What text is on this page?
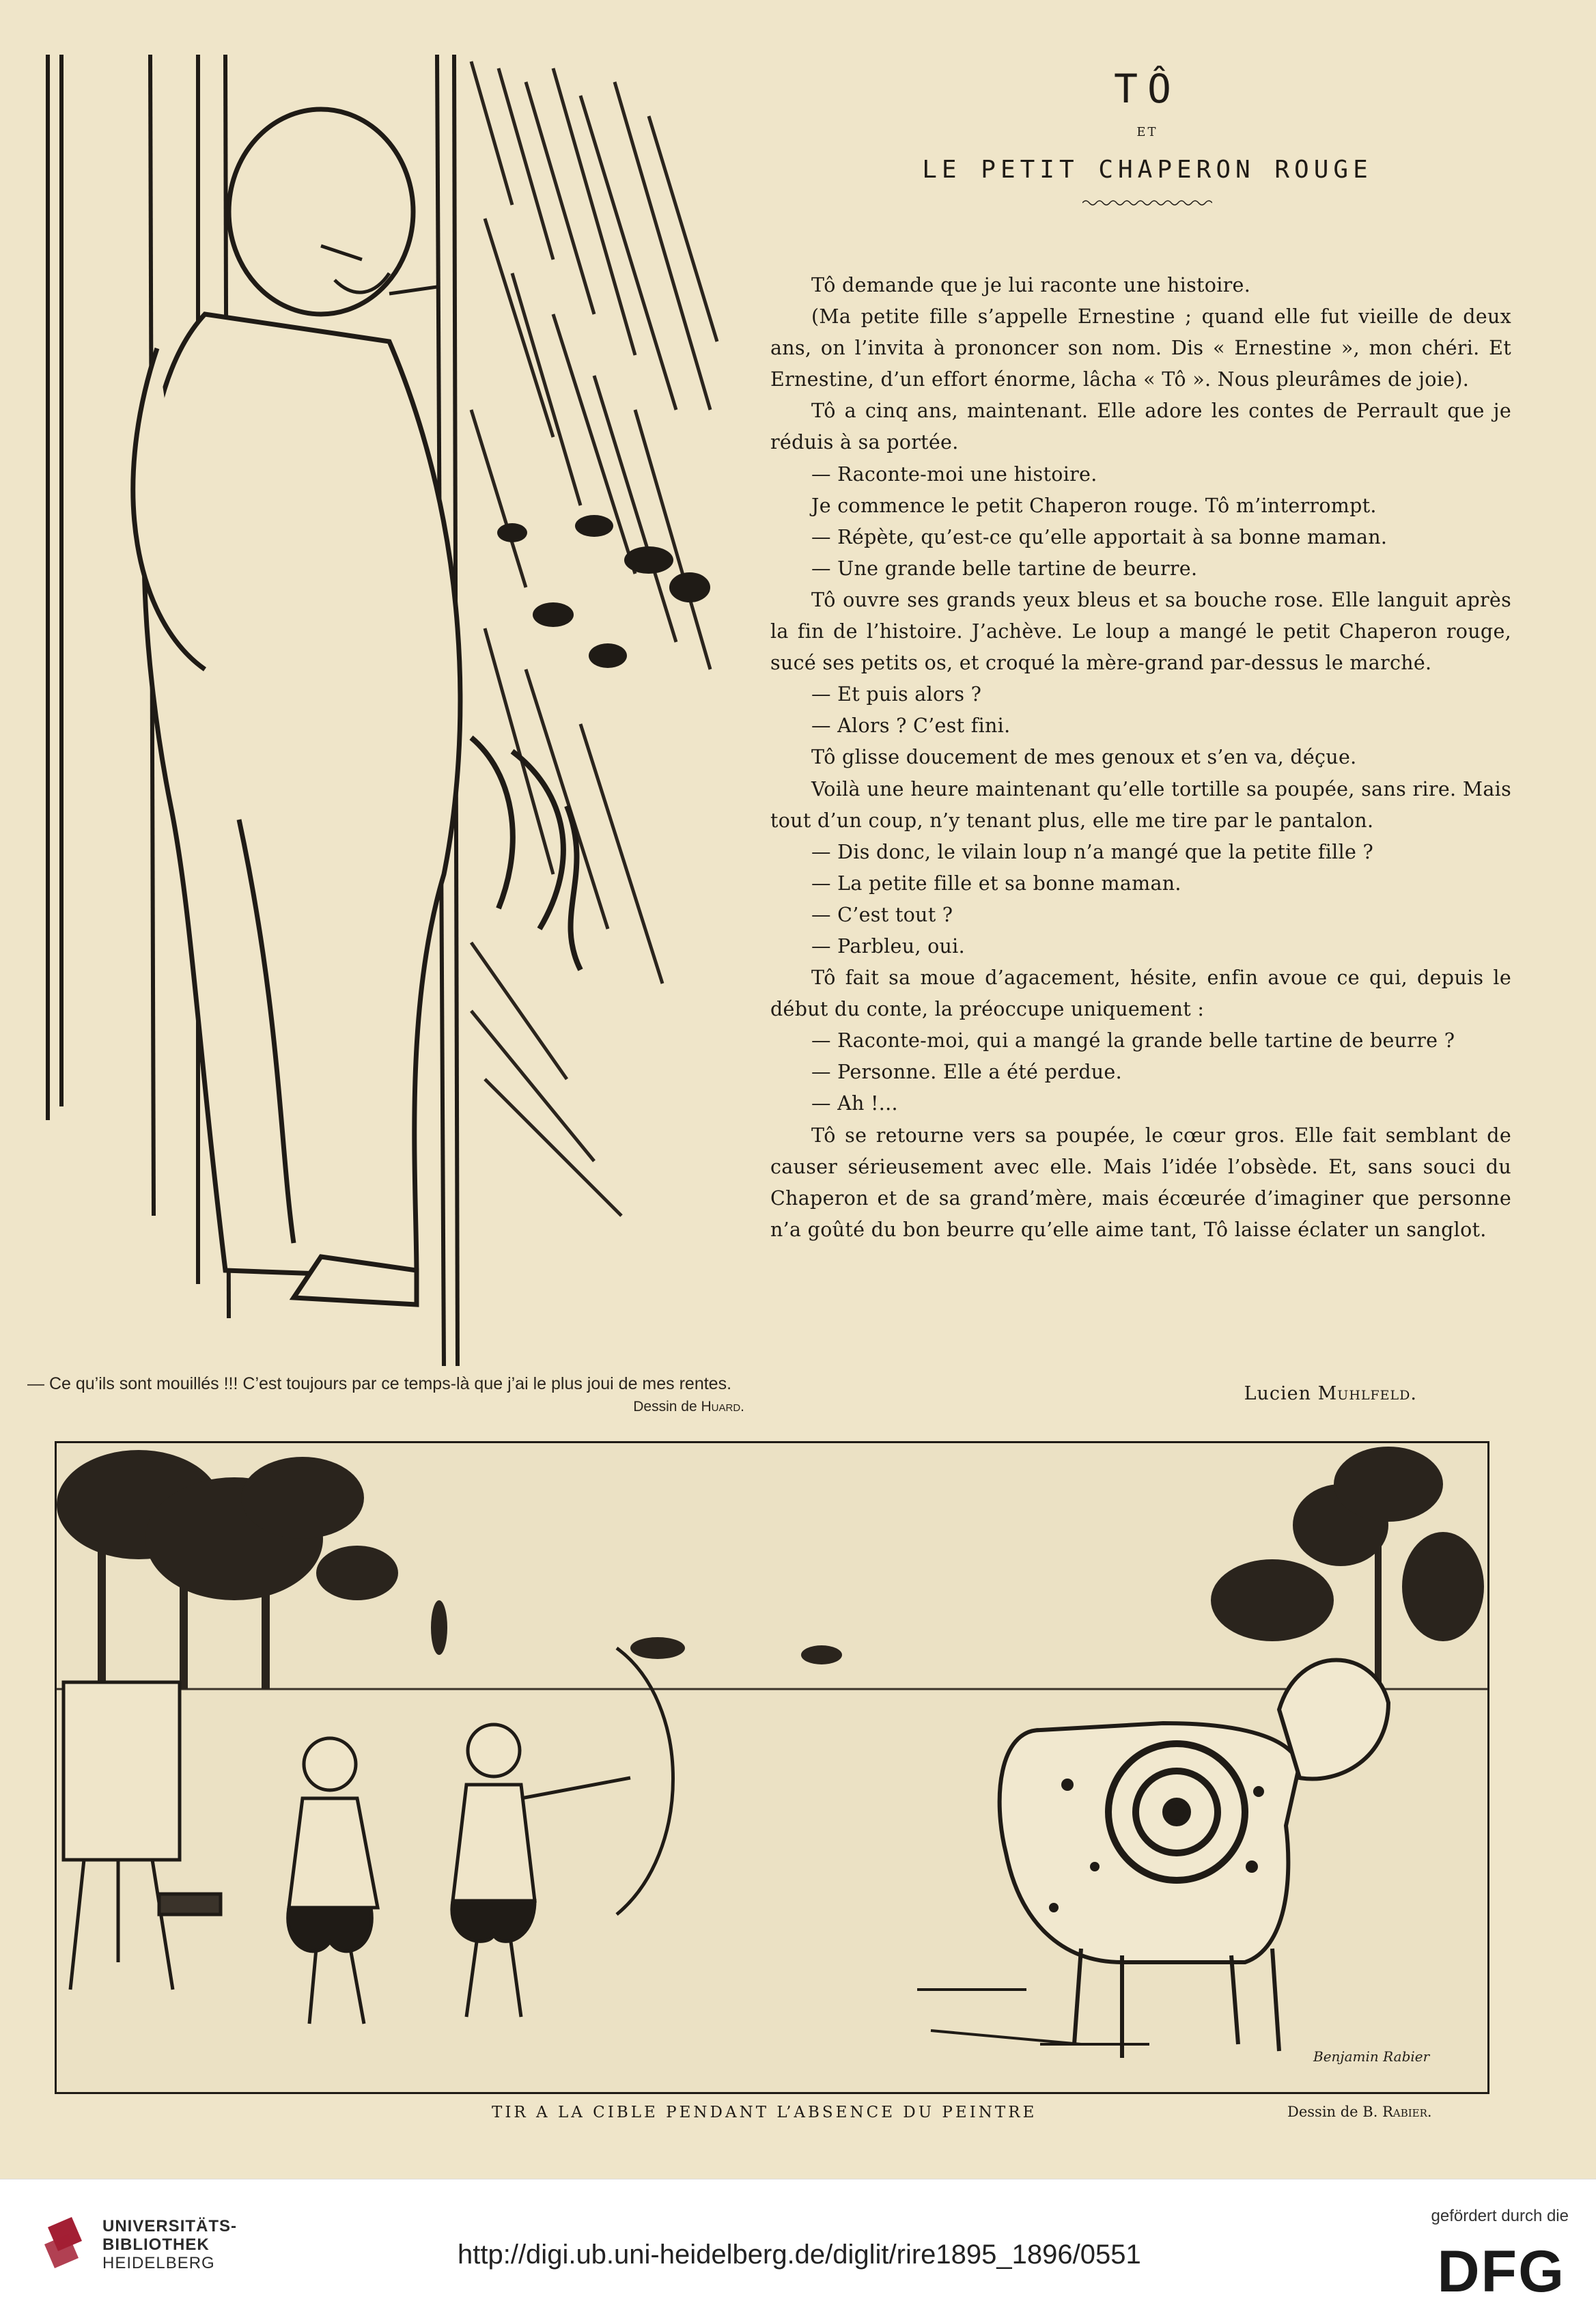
— Ce qu’ils sont mouillés !!! C’est toujours par ce temps-là que j’ai le plus joui de mes rentes.
Dessin de Huard.
TÔ
ET
LE PETIT CHAPERON ROUGE

Tô demande que je lui raconte une histoire.

(Ma petite fille s’appelle Ernestine ; quand elle fut vieille de deux ans, on l’invita à prononcer son nom. Dis « Ernestine », mon chéri. Et Ernestine, d’un effort énorme, lâcha « Tô ». Nous pleurâmes de joie).

Tô a cinq ans, maintenant. Elle adore les contes de Perrault que je réduis à sa portée.

— Raconte-moi une histoire.

Je commence le petit Chaperon rouge. Tô m’interrompt.

— Répète, qu’est-ce qu’elle apportait à sa bonne maman.

— Une grande belle tartine de beurre.

Tô ouvre ses grands yeux bleus et sa bouche rose. Elle languit après la fin de l’histoire. J’achève. Le loup a mangé le petit Chaperon rouge, sucé ses petits os, et croqué la mère-grand par-dessus le marché.

— Et puis alors ?

— Alors ? C’est fini.

Tô glisse doucement de mes genoux et s’en va, déçue.

Voilà une heure maintenant qu’elle tortille sa poupée, sans rire. Mais tout d’un coup, n’y tenant plus, elle me tire par le pantalon.

— Dis donc, le vilain loup n’a mangé que la petite fille ?

— La petite fille et sa bonne maman.

— C’est tout ?

— Parbleu, oui.

Tô fait sa moue d’agacement, hésite, enfin avoue ce qui, depuis le début du conte, la préoccupe uniquement :

— Raconte-moi, qui a mangé la grande belle tartine de beurre ?

— Personne. Elle a été perdue.

— Ah !...

Tô se retourne vers sa poupée, le cœur gros. Elle fait semblant de causer sérieusement avec elle. Mais l’idée l’obsède. Et, sans souci du Chaperon et de sa grand’mère, mais écœurée d’imaginer que personne n’a goûté du bon beurre qu’elle aime tant, Tô laisse éclater un sanglot.

Lucien Muhlfeld.
Benjamin Rabier
TIR A LA CIBLE PENDANT L’ABSENCE DU PEINTRE	Dessin de B. Rabier.
UNIVERSITÄTS-
BIBLIOTHEK
HEIDELBERG	http://digi.ub.uni-heidelberg.de/diglit/rire1895_1896/0551
gefördert durch die
DFG
